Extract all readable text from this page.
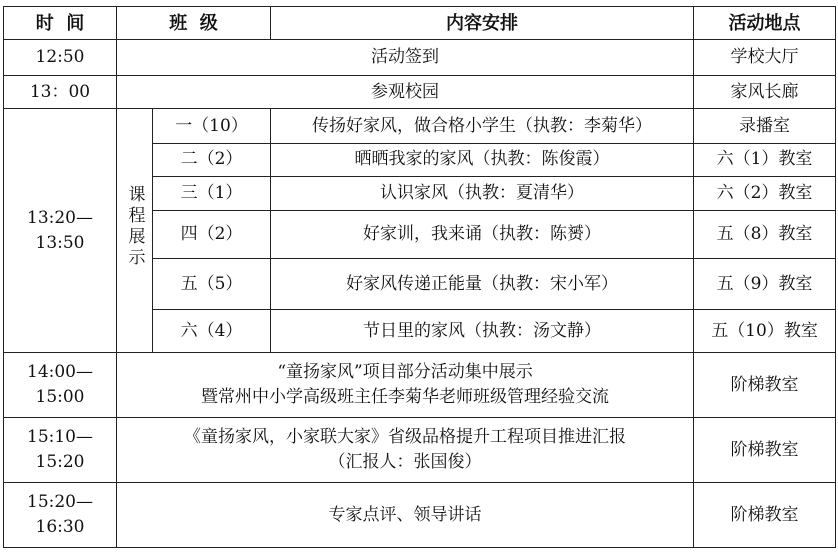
时  间	班  级		内容安排	活动地点
12:50	活动签到			学校大厅
13：00	参观校园			家风长廊

13:20—
13:50	课程展示	一（10）	传扬好家风，做合格小学生（执教：李菊华）	录播室
		二（2）	晒晒我家的家风（执教：陈俊霞）	六（1）教室
		三（1）	认识家风（执教：夏清华）	六（2）教室
		四（2）	好家训，我来诵（执教：陈赟）	五（8）教室
		五（5）	好家风传递正能量（执教：宋小军）	五（9）教室
		六（4）	节日里的家风（执教：汤文静）	五（10）教室

14:00—
15:00	“童扬家风”项目部分活动集中展示
暨常州中小学高级班主任李菊华老师班级管理经验交流			阶梯教室

15:10—
15:20	《童扬家风，小家联大家》省级品格提升工程项目推进汇报
（汇报人：张国俊）			阶梯教室

15:20—
16:30	专家点评、领导讲话			阶梯教室
